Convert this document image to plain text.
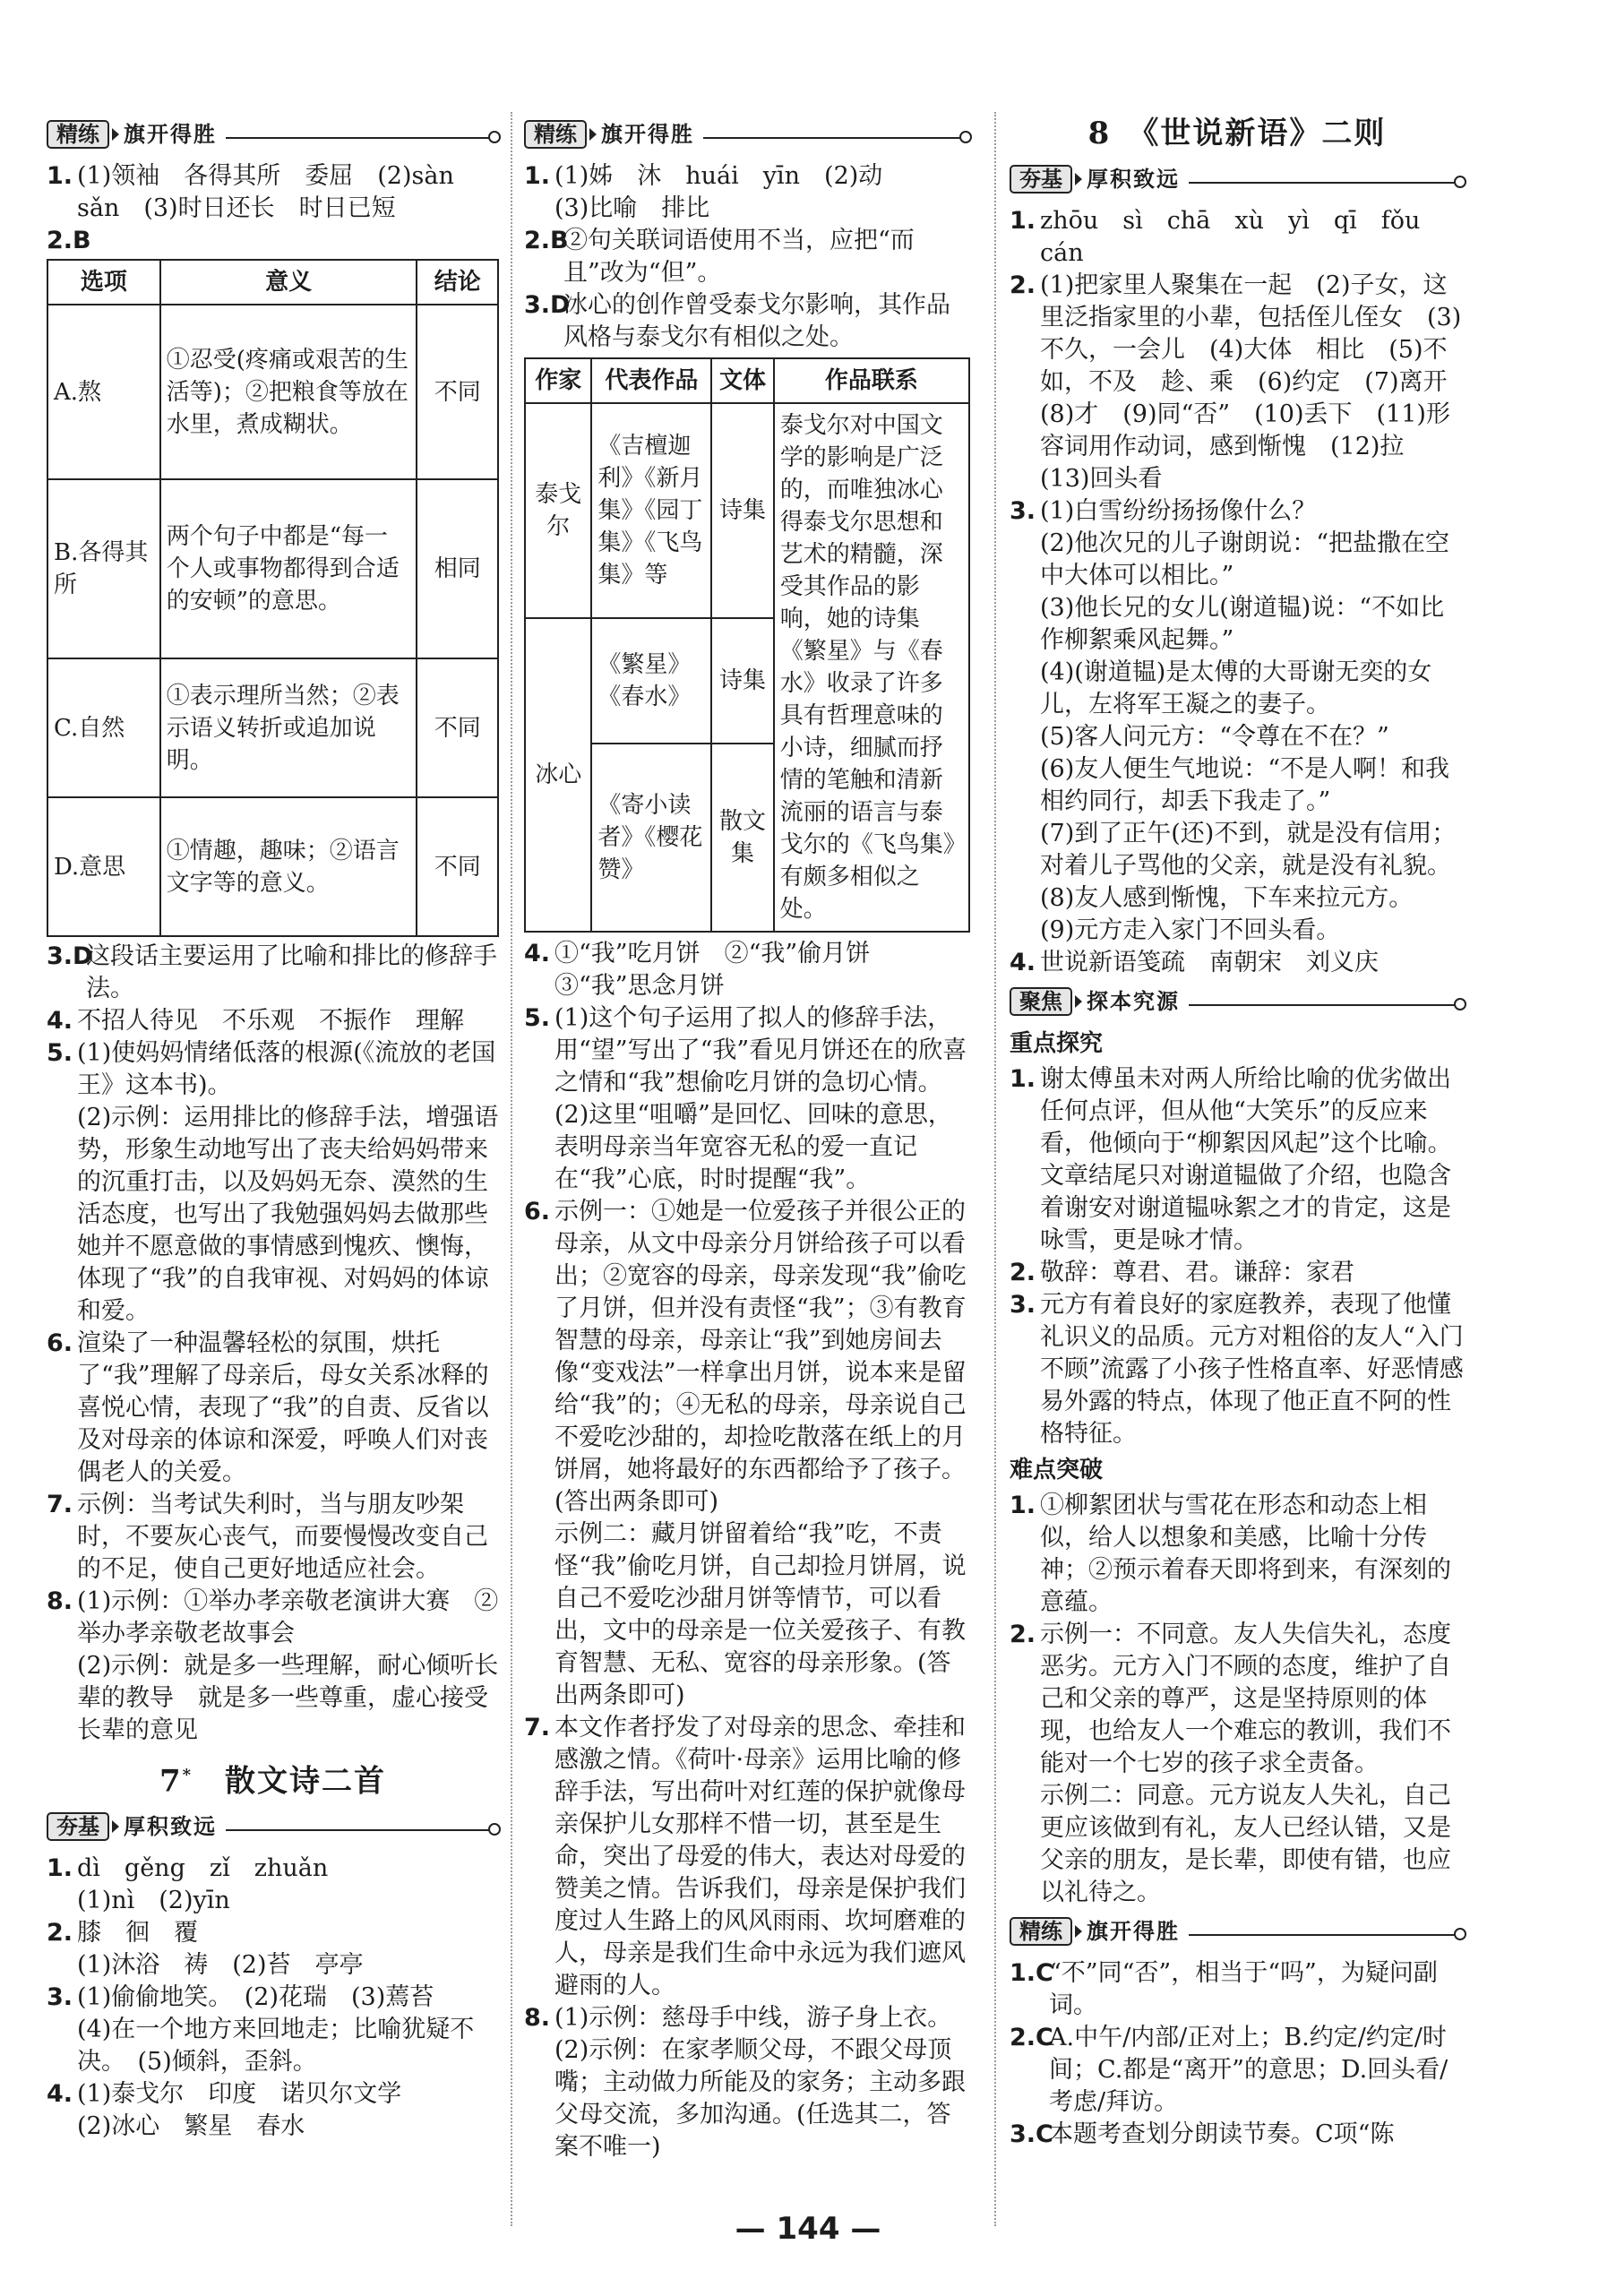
精练	旗开得胜
1. (1)领袖　各得其所　委屈　(2)sàn
sǎn　(3)时日还长　时日已短
2.B

选项	意义	结论
A.熬	①忍受(疼痛或艰苦的生活等)；②把粮食等放在水里，煮成糊状。	不同
B.各得其所	两个句子中都是“每一个人或事物都得到合适的安顿”的意思。	相同
C.自然	①表示理所当然；②表示语义转折或追加说明。	不同
D.意思	①情趣，趣味；②语言文字等的意义。	不同
3.D
这段话主要运用了比喻和排比的修辞手法。
4. 不招人待见　不乐观　不振作　理解
5. (1)使妈妈情绪低落的根源(《流放的老国王》这本书)。
(2)示例：运用排比的修辞手法，增强语势，形象生动地写出了丧夫给妈妈带来的沉重打击，以及妈妈无奈、漠然的生活态度，也写出了我勉强妈妈去做那些她并不愿意做的事情感到愧疚、懊悔，体现了“我”的自我审视、对妈妈的体谅和爱。
6. 渲染了一种温馨轻松的氛围，烘托了“我”理解了母亲后，母女关系冰释的喜悦心情，表现了“我”的自责、反省以及对母亲的体谅和深爱，呼唤人们对丧偶老人的关爱。
7. 示例：当考试失利时，当与朋友吵架时，不要灰心丧气，而要慢慢改变自己的不足，使自己更好地适应社会。
8. (1)示例：①举办孝亲敬老演讲大赛　②举办孝亲敬老故事会
(2)示例：就是多一些理解，耐心倾听长辈的教导　就是多一些尊重，虚心接受长辈的意见
7*　 散文诗二首
夯基	厚积致远
1. dì　gěng　zǐ　zhuǎn
(1)nì　(2)yīn
2. 膝　徊　覆
(1)沐浴　祷　(2)苔　亭亭
3. (1)偷偷地笑。　(2)花瑞　(3)蔫苔
(4)在一个地方来回地走；比喻犹疑不决。　(5)倾斜，歪斜。
4. (1)泰戈尔　印度　诺贝尔文学
(2)冰心　繁星　春水
精练	旗开得胜
1. (1)姊　沐　huái　yīn　(2)动
(3)比喻　排比
2.B
②句关联词语使用不当，应把“而且”改为“但”。
3.D
冰心的创作曾受泰戈尔影响，其作品风格与泰戈尔有相似之处。
作家	代表作品	文体	作品联系
泰戈尔	《吉檀迦利》《新月集》《园丁集》《飞鸟集》等	诗集	泰戈尔对中国文学的影响是广泛的，而唯独冰心得泰戈尔思想和艺术的精髓，深受其作品的影响，她的诗集《繁星》与《春水》收录了许多具有哲理意味的小诗，细腻而抒情的笔触和清新流丽的语言与泰戈尔的《飞鸟集》有颇多相似之处。
冰心	《繁星》《春水》	诗集	
	《寄小读者》《樱花赞》	散文集	
4. ①“我”吃月饼　②“我”偷月饼　③“我”思念月饼
5. (1)这个句子运用了拟人的修辞手法，用“望”写出了“我”看见月饼还在的欣喜之情和“我”想偷吃月饼的急切心情。
(2)这里“咀嚼”是回忆、回味的意思，表明母亲当年宽容无私的爱一直记在“我”心底，时时提醒“我”。
6. 示例一：①她是一位爱孩子并很公正的母亲，从文中母亲分月饼给孩子可以看出；②宽容的母亲，母亲发现“我”偷吃了月饼，但并没有责怪“我”；③有教育智慧的母亲，母亲让“我”到她房间去像“变戏法”一样拿出月饼，说本来是留给“我”的；④无私的母亲，母亲说自己不爱吃沙甜的，却捡吃散落在纸上的月饼屑，她将最好的东西都给予了孩子。(答出两条即可)
示例二：藏月饼留着给“我”吃，不责怪“我”偷吃月饼，自己却捡月饼屑，说自己不爱吃沙甜月饼等情节，可以看出，文中的母亲是一位关爱孩子、有教育智慧、无私、宽容的母亲形象。(答出两条即可)
7. 本文作者抒发了对母亲的思念、牵挂和感激之情。《荷叶·母亲》运用比喻的修辞手法，写出荷叶对红莲的保护就像母亲保护儿女那样不惜一切，甚至是生命，突出了母爱的伟大，表达对母爱的赞美之情。告诉我们，母亲是保护我们度过人生路上的风风雨雨、坎坷磨难的人，母亲是我们生命中永远为我们遮风避雨的人。
8. (1)示例：慈母手中线，游子身上衣。
(2)示例：在家孝顺父母，不跟父母顶嘴；主动做力所能及的家务；主动多跟父母交流，多加沟通。(任选其二，答案不唯一)
8　 《世说新语》二则
夯基	厚积致远
1. zhōu　sì　chā　xù　yì　qī　fǒu
cán
2. (1)把家里人聚集在一起　(2)子女，这里泛指家里的小辈，包括侄儿侄女　(3)不久，一会儿　(4)大体　相比　(5)不如，不及　趁、乘　(6)约定　(7)离开　(8)才　(9)同“否”　(10)丢下　(11)形容词用作动词，感到惭愧　(12)拉　(13)回头看
3. (1)白雪纷纷扬扬像什么？
(2)他次兄的儿子谢朗说：“把盐撒在空中大体可以相比。”
(3)他长兄的女儿(谢道韫)说：“不如比作柳絮乘风起舞。”
(4)(谢道韫)是太傅的大哥谢无奕的女儿，左将军王凝之的妻子。
(5)客人问元方：“令尊在不在？”
(6)友人便生气地说：“不是人啊！和我相约同行，却丢下我走了。”
(7)到了正午(还)不到，就是没有信用；对着儿子骂他的父亲，就是没有礼貌。
(8)友人感到惭愧，下车来拉元方。
(9)元方走入家门不回头看。
4. 世说新语笺疏　南朝宋　刘义庆
聚焦	探本究源
重点探究
1. 谢太傅虽未对两人所给比喻的优劣做出任何点评，但从他“大笑乐”的反应来看，他倾向于“柳絮因风起”这个比喻。文章结尾只对谢道韫做了介绍，也隐含着谢安对谢道韫咏絮之才的肯定，这是咏雪，更是咏才情。
2. 敬辞：尊君、君。谦辞：家君
3. 元方有着良好的家庭教养，表现了他懂礼识义的品质。元方对粗俗的友人“入门不顾”流露了小孩子性格直率、好恶情感易外露的特点，体现了他正直不阿的性格特征。
难点突破
1. ①柳絮团状与雪花在形态和动态上相似，给人以想象和美感，比喻十分传神；②预示着春天即将到来，有深刻的意蕴。
2. 示例一：不同意。友人失信失礼，态度恶劣。元方入门不顾的态度，维护了自己和父亲的尊严，这是坚持原则的体现，也给友人一个难忘的教训，我们不能对一个七岁的孩子求全责备。
示例二：同意。元方说友人失礼，自己更应该做到有礼，友人已经认错，又是父亲的朋友，是长辈，即使有错，也应以礼待之。
精练	旗开得胜
1.C
“不”同“否”，相当于“吗”，为疑问副词。
2.C
A.中午/内部/正对上；B.约定/约定/时间；C.都是“离开”的意思；D.回头看/考虑/拜访。
3.C
本题考查划分朗读节奏。C项“陈
— 144 —
